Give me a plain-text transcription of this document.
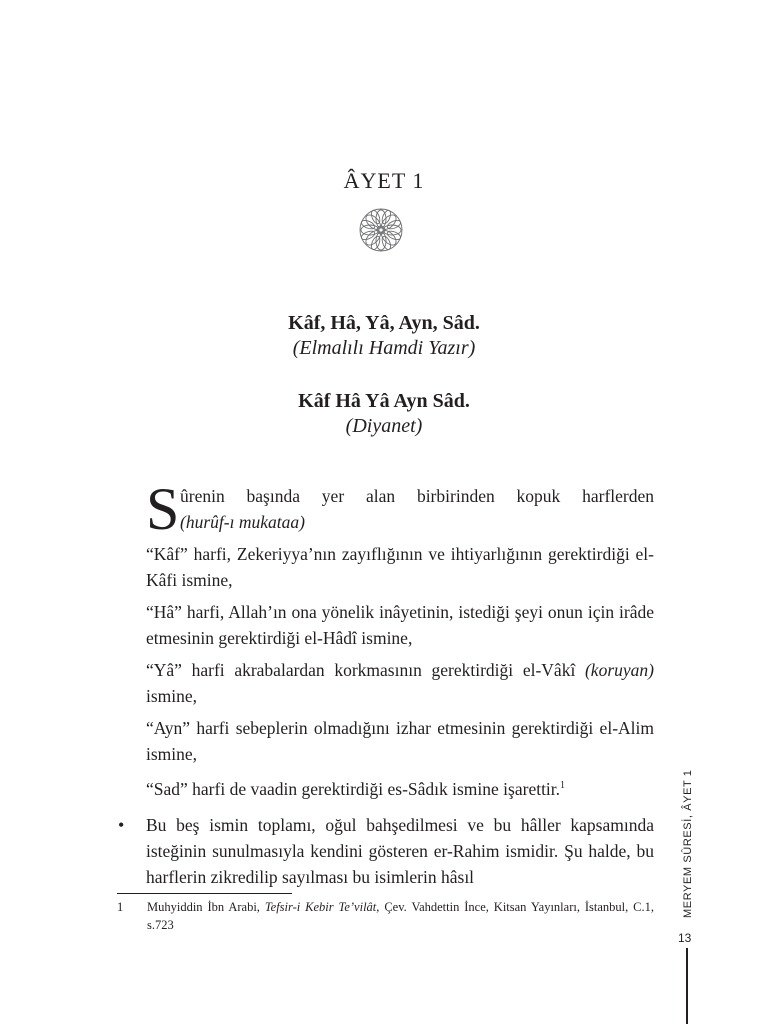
ÂYET 1
Kâf, Hâ, Yâ, Ayn, Sâd.
(Elmalılı Hamdi Yazır)
Kâf Hâ Yâ Ayn Sâd.
(Diyanet)
S ûrenin başında yer alan birbirinden kopuk harflerden
(hurûf-ı mukataa)

“Kâf” harfi, Zekeriyya’nın zayıflığının ve ihtiyarlığının gerektirdiği el-Kâfi ismine,

“Hâ” harfi, Allah’ın ona yönelik inâyetinin, istediği şeyi onun için irâde etmesinin gerektirdiği el-Hâdî ismine,

“Yâ” harfi akrabalardan korkmasının gerektirdiği el-Vâkî (koruyan) ismine,

“Ayn” harfi sebeplerin olmadığını izhar etmesinin gerektirdiği el-Alim ismine,

“Sad” harfi de vaadin gerektirdiği es-Sâdık ismine işarettir.$^1$

• Bu beş ismin toplamı, oğul bahşedilmesi ve bu hâller kapsamında isteğinin sunulmasıyla kendini gösteren er-Rahim ismidir. Şu halde, bu harflerin zikredilip sayılması bu isimlerin hâsıl
1 Muhyiddin İbn Arabi, Tefsir-i Kebir Te’vilât, Çev. Vahdettin İnce, Kitsan Yayınları, İstanbul, C.1, s.723
MERYEM SÛRESİ, ÂYET 1
13
